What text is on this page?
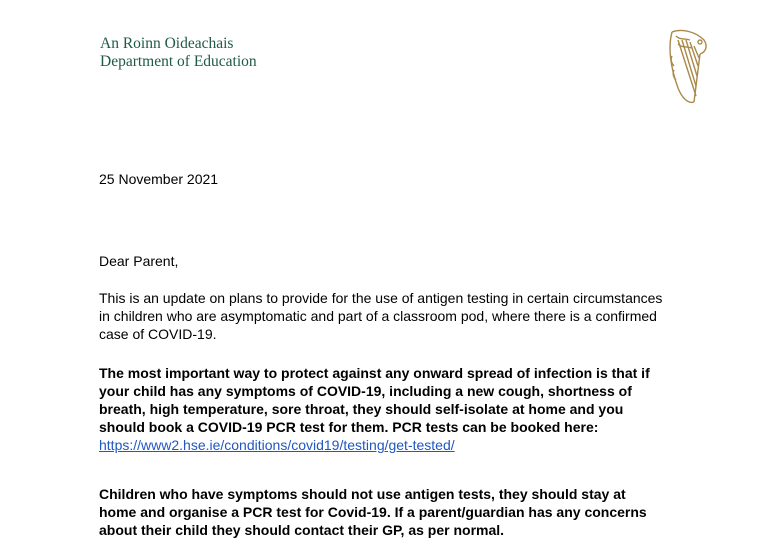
An Roinn Oideachais
Department of Education
25 November 2021
Dear Parent,
This is an update on plans to provide for the use of antigen testing in certain circumstances
in children who are asymptomatic and part of a classroom pod, where there is a confirmed
case of COVID-19.
The most important way to protect against any onward spread of infection is that if
your child has any symptoms of COVID-19, including a new cough, shortness of
breath, high temperature, sore throat, they should self-isolate at home and you
should book a COVID-19 PCR test for them. PCR tests can be booked here:
https://www2.hse.ie/conditions/covid19/testing/get-tested/
Children who have symptoms should not use antigen tests, they should stay at
home and organise a PCR test for Covid-19. If a parent/guardian has any concerns
about their child they should contact their GP, as per normal.
